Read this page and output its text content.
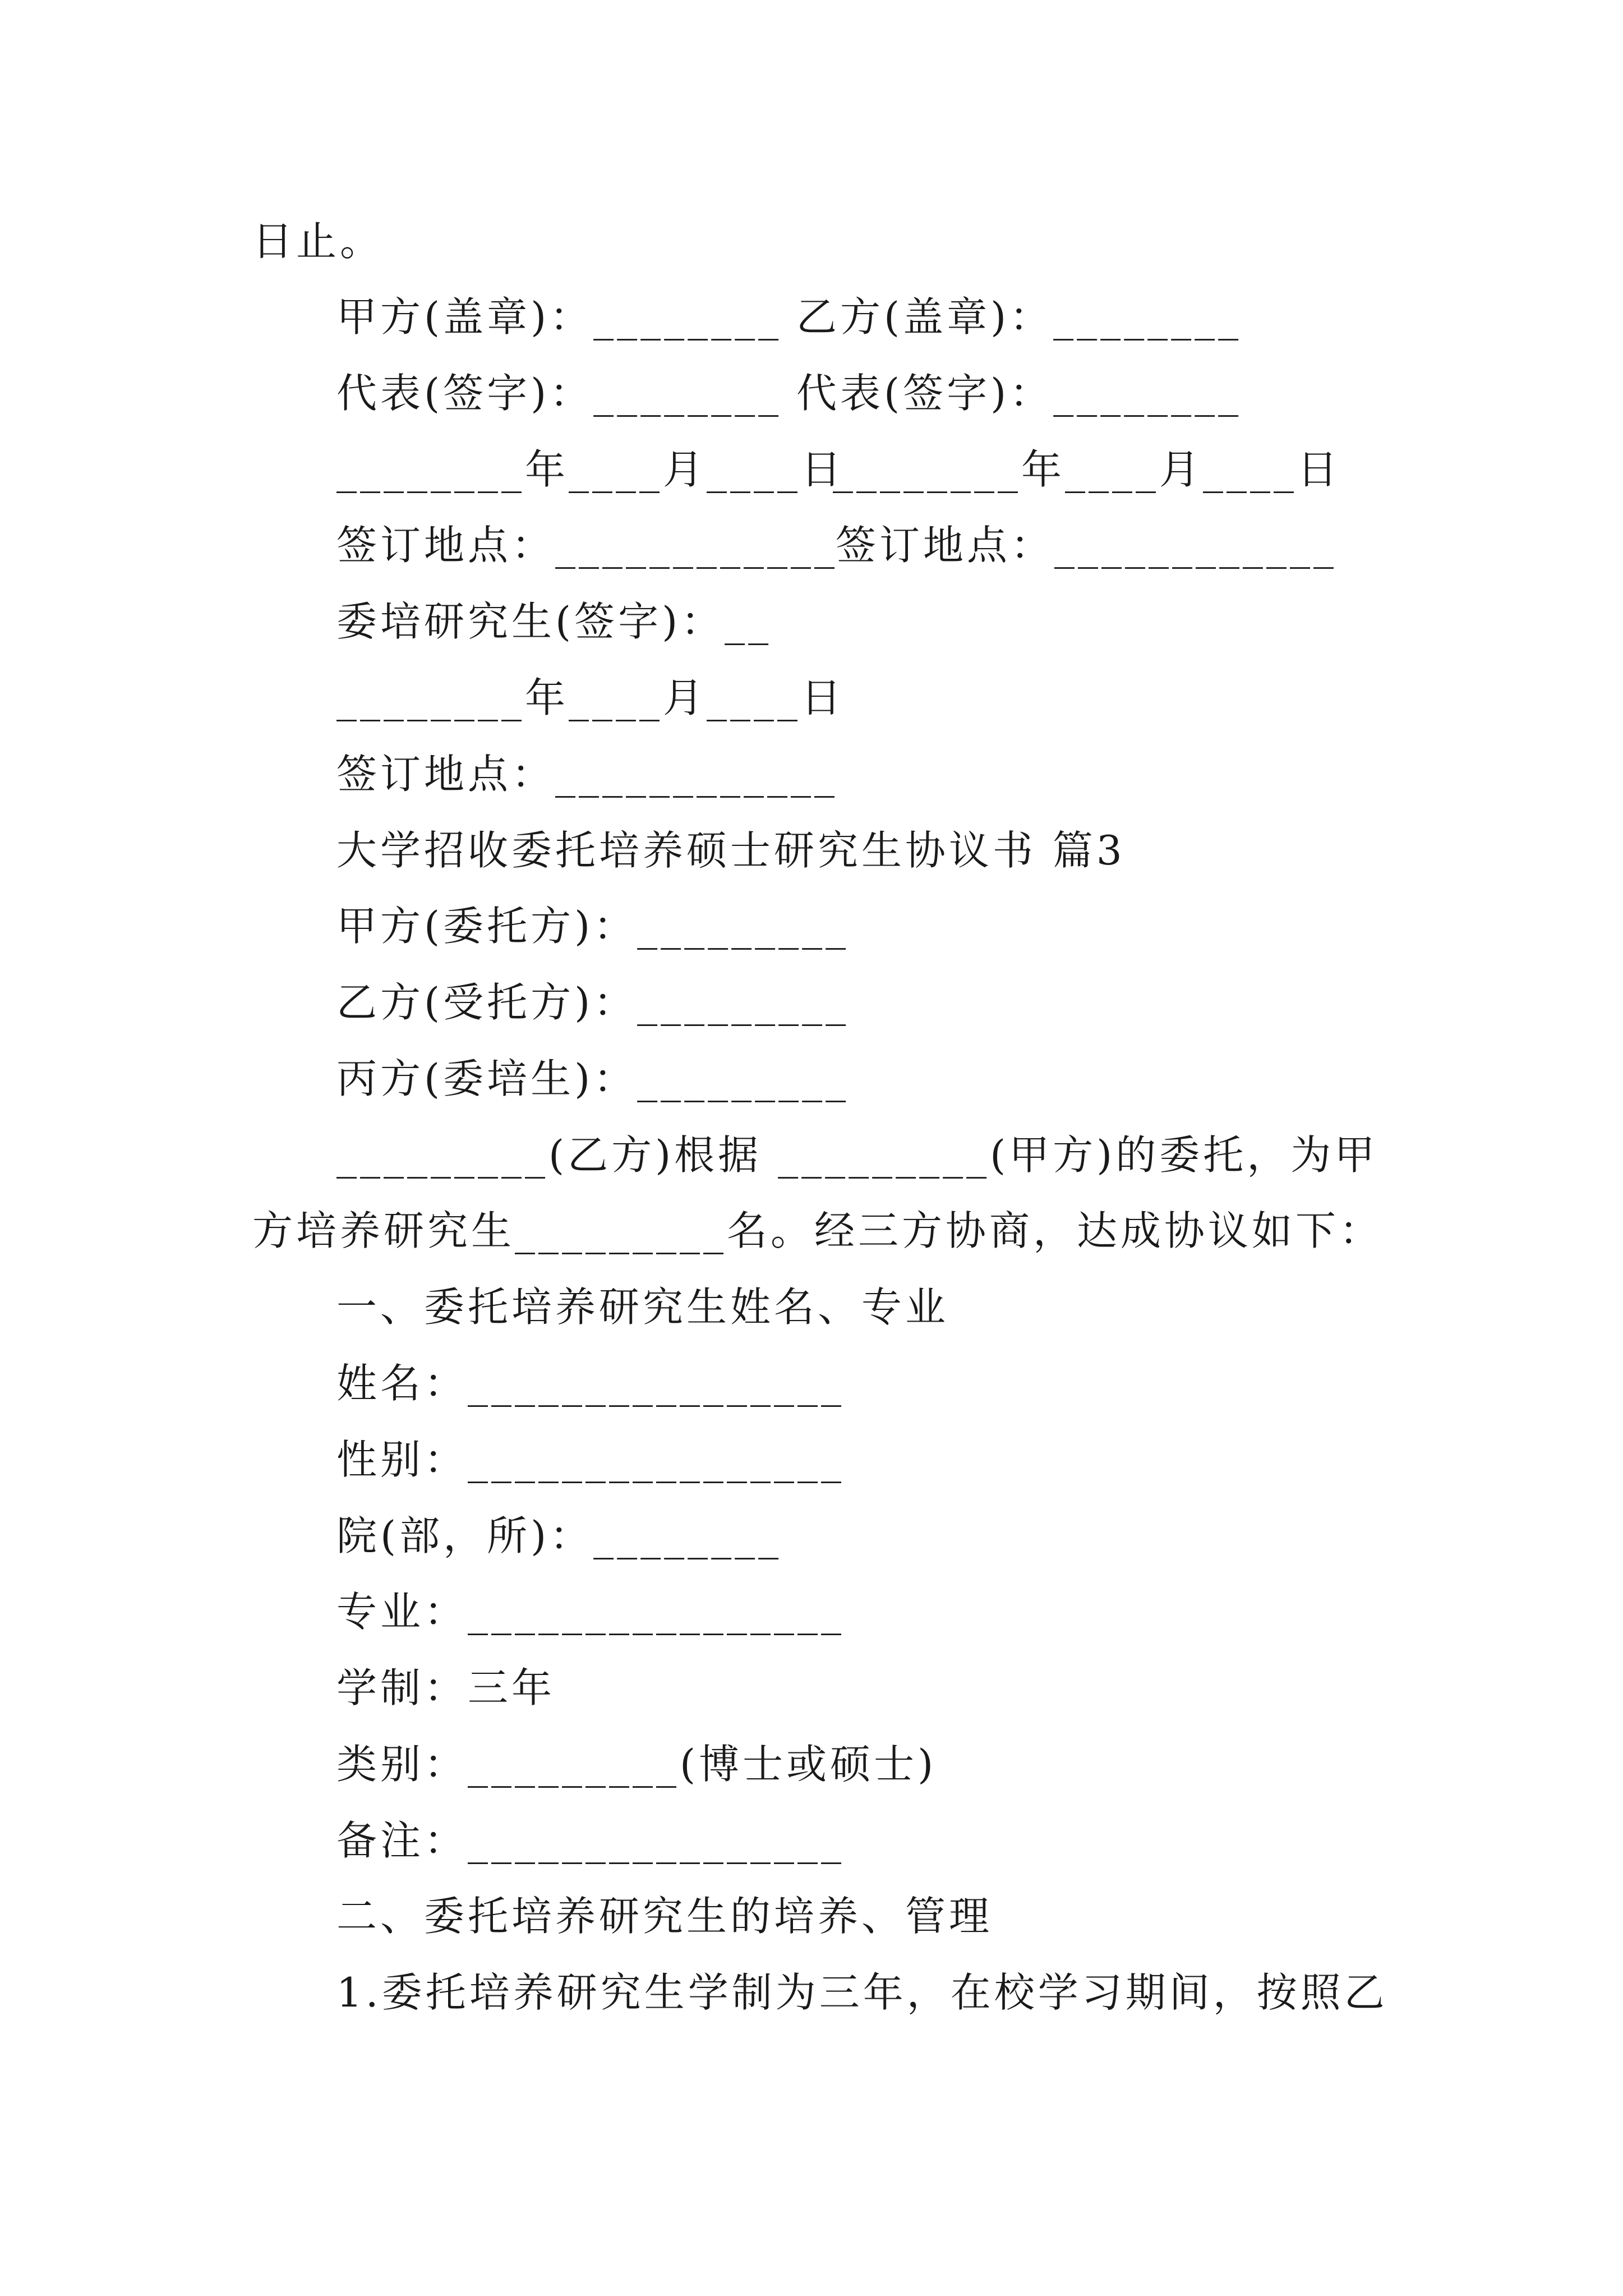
日止。
甲方(盖章)：________ 乙方(盖章)：________
代表(签字)：________ 代表(签字)：________
________年____月____日
________年____月____日
签订地点：____________
签订地点：____________
委培研究生(签字)：__
________年____月____日
签订地点：____________
大学招收委托培养硕士研究生协议书 篇3
甲方(委托方)：_________
乙方(受托方)：_________
丙方(委培生)：_________
_________(乙方)根据 _________(甲方)的委托，为甲
方培养研究生_________名。经三方协商，达成协议如下：
一、委托培养研究生姓名、专业
姓名：________________
性别：________________
院(部，所)：________
专业：________________
学制：三年
类别：_________(博士或硕士)
备注：________________
二、委托培养研究生的培养、管理
1.委托培养研究生学制为三年，在校学习期间，按照乙
